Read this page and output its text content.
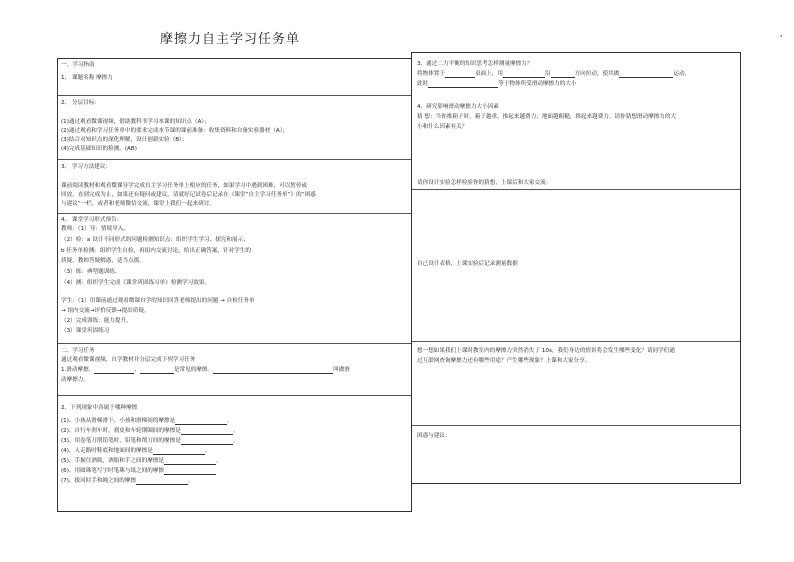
摩擦力自主学习任务单	₄
一、学习指南
1、 课题名称 摩擦力
2、 分层目标：
(1)通过观看微课视频，借助教科书学习本课的知识点（A）；
(2)通过观看和学习任务单中的要求完成本节课的课前准备：收集资料和自备实验器材（A）；
(3)结合对知识点的深化理解，设计创新实验（B）；
(4)完成基础知识的检测。(AB)
3、 学习方法建议：
课前阅读教材和观看微课导学完成自主学习任务单上相应的任务，如果学习中遇到困难，可以暂停或
回放，直到完成为止，如果还有疑问或建议，请就好记试卷后记录在《课堂“自主学习任务单”》的“困惑
与建议”一栏，或者和老师微信交流，课堂上我们一起来研讨。
4、 课堂学习形式预告：
教师：（1）导：情境导入。
（2）检：a 设计不同形式的问题检测知识点：组织学生学习、探究和展示；
b 任务单检测：组织学生自检，再组内交流讨论，给出正确答案，针对学生的
质疑，教师答疑解惑，适当点拨。
（3）练：典型题训练。
（4）测：组织学生完成《课堂巩固练习单》检测学习效果。
学生：（1）用课前通过观看微课自学的知识回答老师提出的问题 → 自检任务单
→ 组内交流→评价反馈→提出质疑。
（2）完成训练：能力提升。
（3）课堂巩固练习
二、学习任务
通过观看微课视频，自学教材并分层完成下列学习任务
1.滑动摩擦、	、	是常见的摩擦。	叫做滑
动摩擦力。
2、下列现象中各属于哪种摩擦
(1)、小孩从滑梯滑下，小孩和滑梯间的摩擦是	。
(2)、自行车刹车时，刹皮和车轮钢圈间的摩擦是	。
(3)、用卷笔刀削铅笔时，铅笔和削刀间的摩擦是	。
(4)、人走路时鞋底和地面间的摩擦是	。
(5)、手握住酒瓶，酒瓶和手之间的摩擦是	。
(6)、用圆珠笔写字时笔珠与纸之间的摩擦
(7)、拔河时手和绳之间的摩擦	。
3、通过二力平衡的知识思考怎样测量摩擦力？
将物体置于	桌面上，用	沿	方向拉动，使其做	运动，
此时	等于物体所受滑动摩擦力的大小
4、研究影响滑动摩擦力大小因素
猜 想：当你推箱子时，箱子越重，推起来越费力；地面越粗糙，推起来越费力。请你猜想滑动摩擦力的大
小和什么因素有关？
请你设计实验怎样检验你的猜想，上课后和大家交流：
自己设计表格，上课实验后记录测量数据
想一想如果我们上课时教室内的摩擦力突然消失了 10s，我们身边的情景将会发生哪些变化？请同学们通
过互联网查询摩擦力还有哪些用途？产生哪些现象？上课和大家分享。
困惑与建议：
